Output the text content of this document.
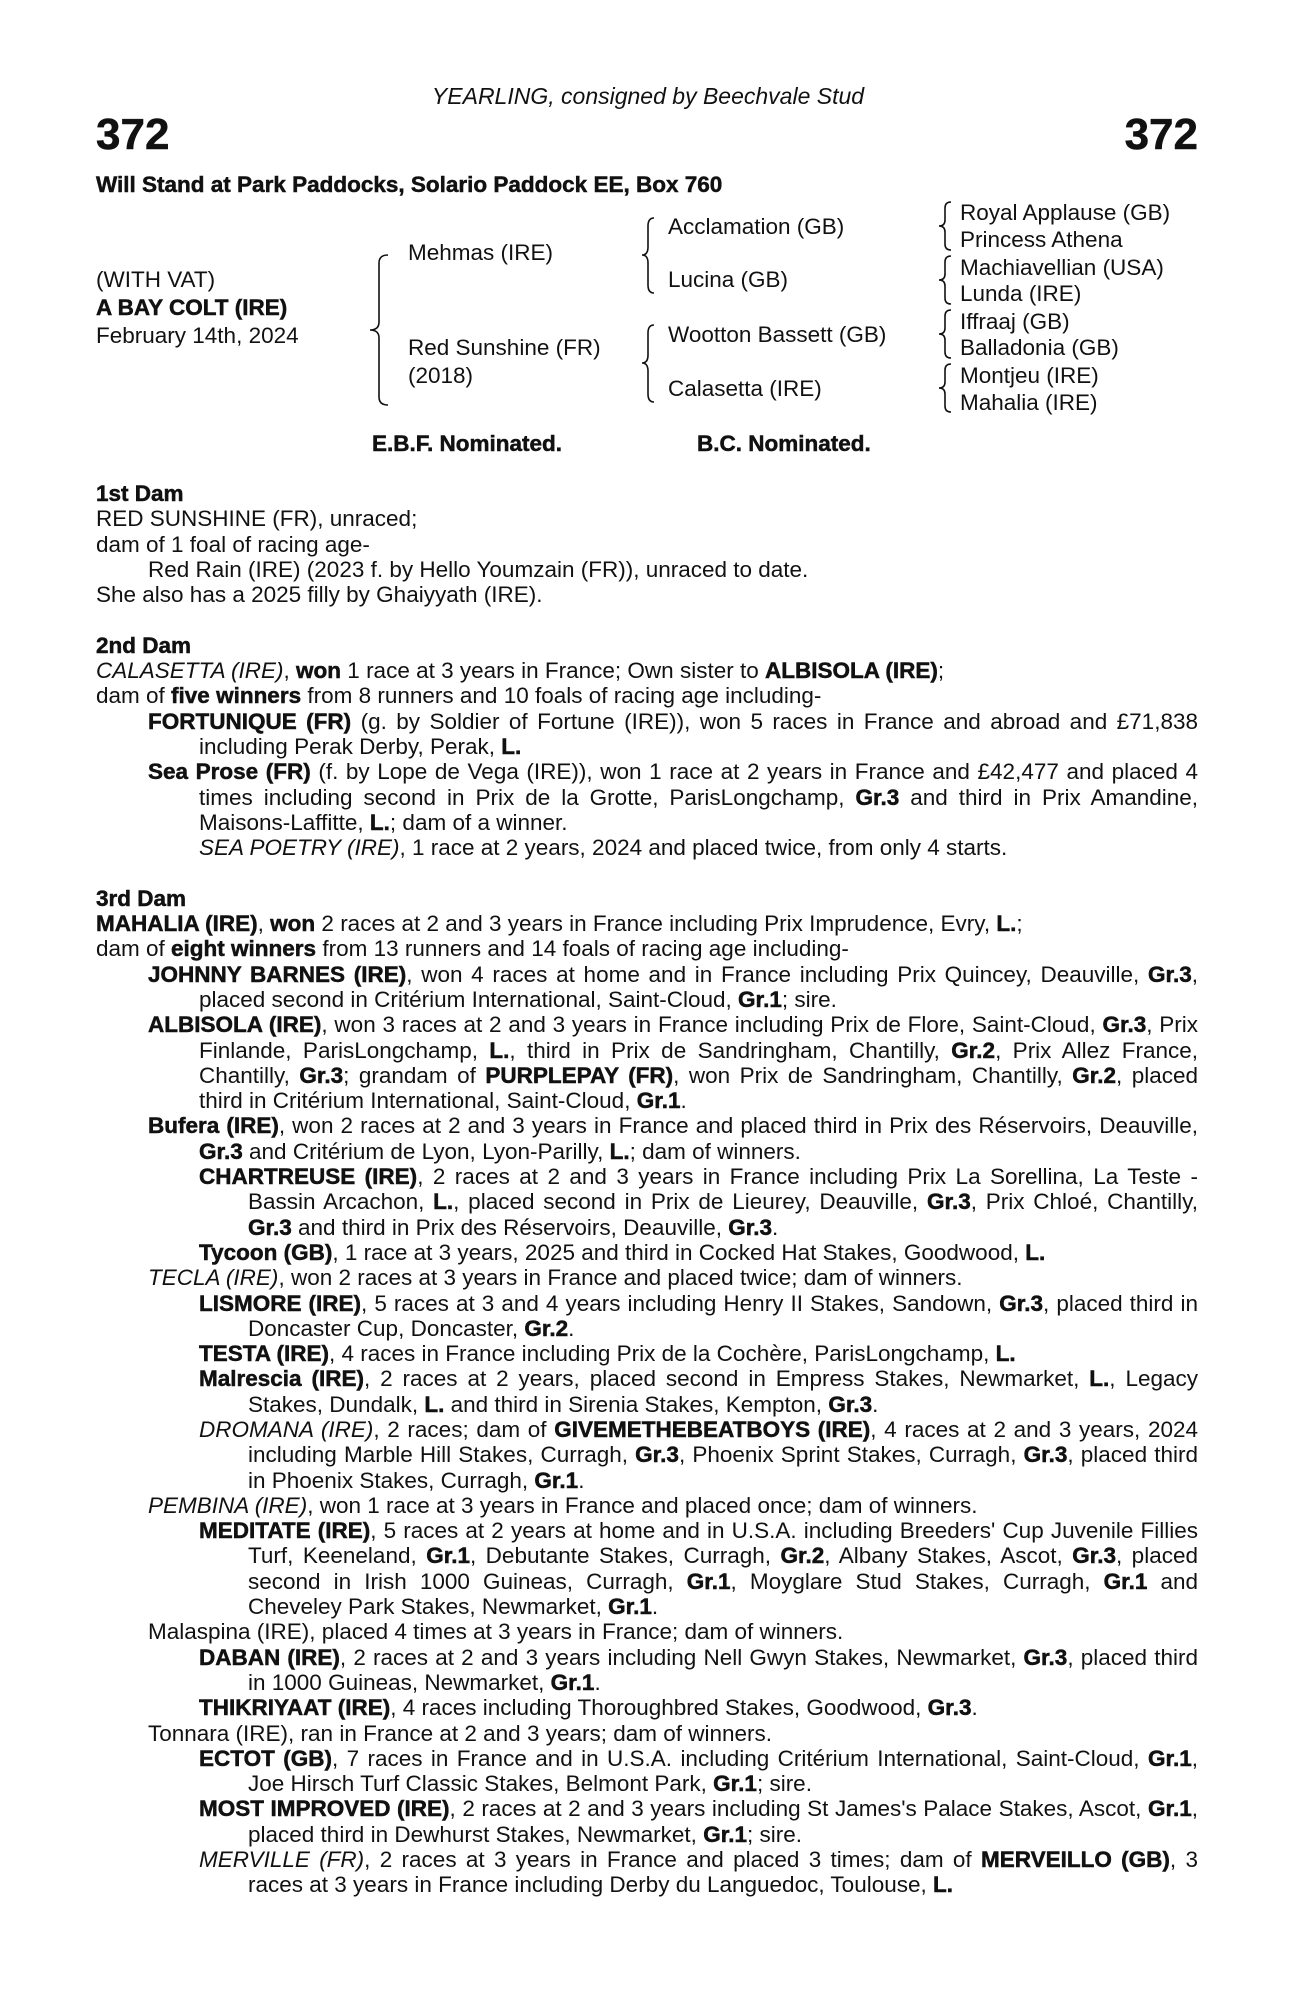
YEARLING, consigned by Beechvale Stud
372	372
Will Stand at Park Paddocks, Solario Paddock EE, Box 760
(WITH VAT)
A BAY COLT (IRE)
February 14th, 2024
Mehmas (IRE)
Red Sunshine (FR)
(2018)
Acclamation (GB)
Lucina (GB)
Wootton Bassett (GB)
Calasetta (IRE)
Royal Applause (GB)
Princess Athena
Machiavellian (USA)
Lunda (IRE)
Iffraaj (GB)
Balladonia (GB)
Montjeu (IRE)
Mahalia (IRE)
E.B.F. Nominated.	B.C. Nominated.
1st Dam
RED SUNSHINE (FR), unraced;
dam of 1 foal of racing age-
Red Rain (IRE) (2023 f. by Hello Youmzain (FR)), unraced to date.
She also has a 2025 filly by Ghaiyyath (IRE).
2nd Dam
CALASETTA (IRE), won 1 race at 3 years in France; Own sister to ALBISOLA (IRE);
dam of five winners from 8 runners and 10 foals of racing age including-
FORTUNIQUE (FR) (g. by Soldier of Fortune (IRE)), won 5 races in France and abroad and £71,838 including Perak Derby, Perak, L.
Sea Prose (FR) (f. by Lope de Vega (IRE)), won 1 race at 2 years in France and £42,477 and placed 4 times including second in Prix de la Grotte, ParisLongchamp, Gr.3 and third in Prix Amandine, Maisons-Laffitte, L.; dam of a winner.
SEA POETRY (IRE), 1 race at 2 years, 2024 and placed twice, from only 4 starts.
3rd Dam
MAHALIA (IRE), won 2 races at 2 and 3 years in France including Prix Imprudence, Evry, L.;
dam of eight winners from 13 runners and 14 foals of racing age including-
JOHNNY BARNES (IRE), won 4 races at home and in France including Prix Quincey, Deauville, Gr.3, placed second in Critérium International, Saint-Cloud, Gr.1; sire.
ALBISOLA (IRE), won 3 races at 2 and 3 years in France including Prix de Flore, Saint-Cloud, Gr.3, Prix Finlande, ParisLongchamp, L., third in Prix de Sandringham, Chantilly, Gr.2, Prix Allez France, Chantilly, Gr.3; grandam of PURPLEPAY (FR), won Prix de Sandringham, Chantilly, Gr.2, placed third in Critérium International, Saint-Cloud, Gr.1.
Bufera (IRE), won 2 races at 2 and 3 years in France and placed third in Prix des Réservoirs, Deauville, Gr.3 and Critérium de Lyon, Lyon-Parilly, L.; dam of winners.
CHARTREUSE (IRE), 2 races at 2 and 3 years in France including Prix La Sorellina, La Teste - Bassin Arcachon, L., placed second in Prix de Lieurey, Deauville, Gr.3, Prix Chloé, Chantilly, Gr.3 and third in Prix des Réservoirs, Deauville, Gr.3.
Tycoon (GB), 1 race at 3 years, 2025 and third in Cocked Hat Stakes, Goodwood, L.
TECLA (IRE), won 2 races at 3 years in France and placed twice; dam of winners.
LISMORE (IRE), 5 races at 3 and 4 years including Henry II Stakes, Sandown, Gr.3, placed third in Doncaster Cup, Doncaster, Gr.2.
TESTA (IRE), 4 races in France including Prix de la Cochère, ParisLongchamp, L.
Malrescia (IRE), 2 races at 2 years, placed second in Empress Stakes, Newmarket, L., Legacy Stakes, Dundalk, L. and third in Sirenia Stakes, Kempton, Gr.3.
DROMANA (IRE), 2 races; dam of GIVEMETHEBEATBOYS (IRE), 4 races at 2 and 3 years, 2024 including Marble Hill Stakes, Curragh, Gr.3, Phoenix Sprint Stakes, Curragh, Gr.3, placed third in Phoenix Stakes, Curragh, Gr.1.
PEMBINA (IRE), won 1 race at 3 years in France and placed once; dam of winners.
MEDITATE (IRE), 5 races at 2 years at home and in U.S.A. including Breeders' Cup Juvenile Fillies Turf, Keeneland, Gr.1, Debutante Stakes, Curragh, Gr.2, Albany Stakes, Ascot, Gr.3, placed second in Irish 1000 Guineas, Curragh, Gr.1, Moyglare Stud Stakes, Curragh, Gr.1 and Cheveley Park Stakes, Newmarket, Gr.1.
Malaspina (IRE), placed 4 times at 3 years in France; dam of winners.
DABAN (IRE), 2 races at 2 and 3 years including Nell Gwyn Stakes, Newmarket, Gr.3, placed third in 1000 Guineas, Newmarket, Gr.1.
THIKRIYAAT (IRE), 4 races including Thoroughbred Stakes, Goodwood, Gr.3.
Tonnara (IRE), ran in France at 2 and 3 years; dam of winners.
ECTOT (GB), 7 races in France and in U.S.A. including Critérium International, Saint-Cloud, Gr.1, Joe Hirsch Turf Classic Stakes, Belmont Park, Gr.1; sire.
MOST IMPROVED (IRE), 2 races at 2 and 3 years including St James's Palace Stakes, Ascot, Gr.1, placed third in Dewhurst Stakes, Newmarket, Gr.1; sire.
MERVILLE (FR), 2 races at 3 years in France and placed 3 times; dam of MERVEILLO (GB), 3 races at 3 years in France including Derby du Languedoc, Toulouse, L.
